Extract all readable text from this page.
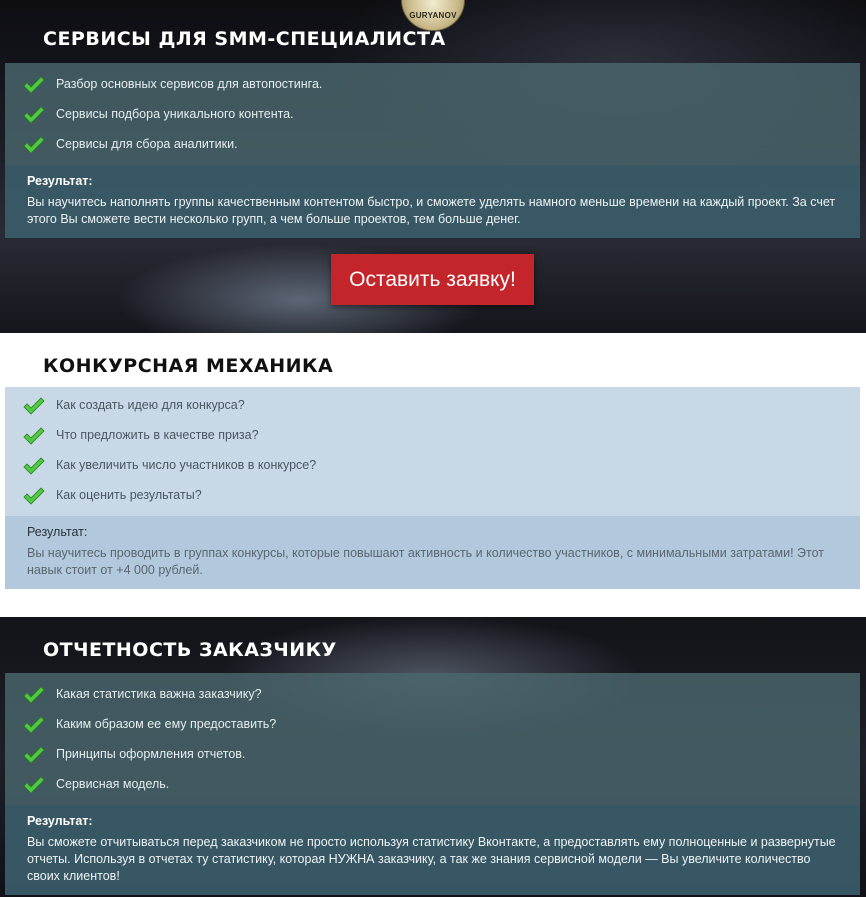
GURYANOV
СЕРВИСЫ ДЛЯ SMM-СПЕЦИАЛИСТА
Разбор основных сервисов для автопостинга.
Сервисы подбора уникального контента.
Сервисы для сбора аналитики.
Результат:
Вы научитесь наполнять группы качественным контентом быстро, и сможете уделять намного меньше времени на каждый проект. За счет этого Вы сможете вести несколько групп, а чем больше проектов, тем больше денег.
Оставить заявку!
КОНКУРСНАЯ МЕХАНИКА
Как создать идею для конкурса?
Что предложить в качестве приза?
Как увеличить число участников в конкурсе?
Как оценить результаты?
Результат:
Вы научитесь проводить в группах конкурсы, которые повышают активность и количество участников, с минимальными затратами! Этот навык стоит от +4 000 рублей.
ОТЧЕТНОСТЬ ЗАКАЗЧИКУ
Какая статистика важна заказчику?
Каким образом ее ему предоставить?
Принципы оформления отчетов.
Сервисная модель.
Результат:
Вы сможете отчитываться перед заказчиком не просто используя статистику Вконтакте, а предоставлять ему полноценные и развернутые отчеты. Используя в отчетах ту статистику, которая НУЖНА заказчику, а так же знания сервисной модели — Вы увеличите количество своих клиентов!
